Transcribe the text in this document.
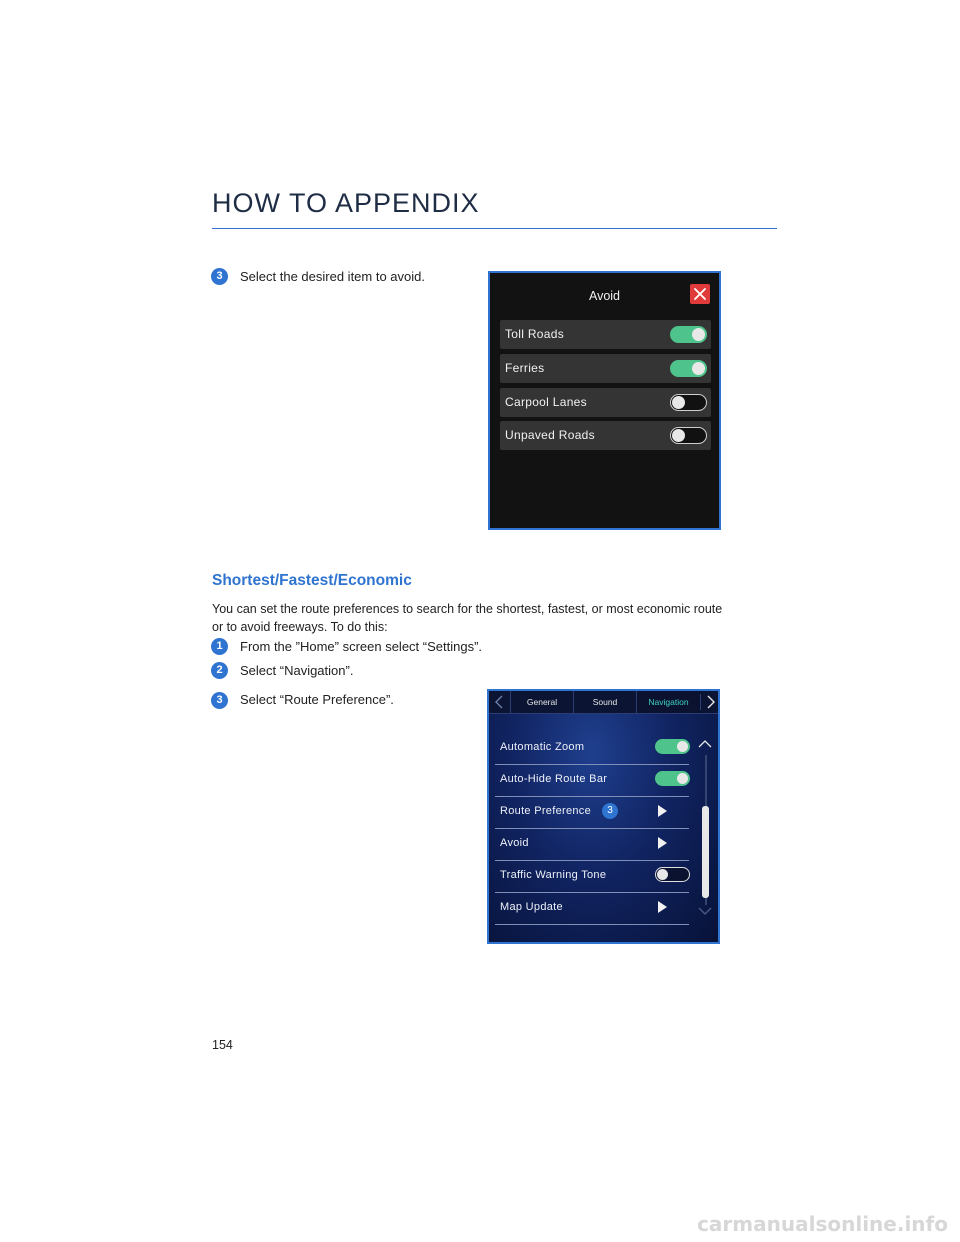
HOW TO APPENDIX
3	Select the desired item to avoid.
Avoid
Toll Roads
Ferries
Carpool Lanes
Unpaved Roads
Shortest/Fastest/Economic

You can set the route preferences to search for the shortest, fastest, or most economic route or to avoid freeways. To do this:

1	From the ”Home” screen select “Settings”.
2	Select “Navigation”.
3	Select “Route Preference”.	General	Sound	Navigation
Automatic Zoom
Auto-Hide Route Bar
Route Preference	3
Avoid
Traffic Warning Tone
Map Update
154
carmanualsonline.info
